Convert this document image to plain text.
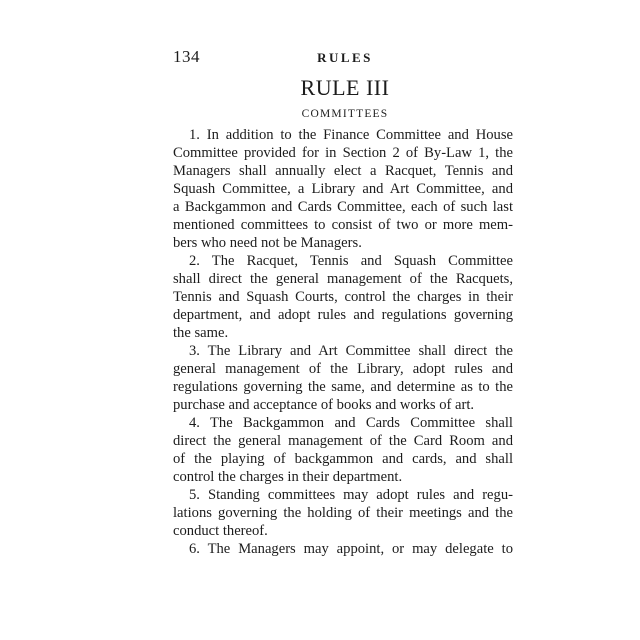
134	RULES
RULE III
COMMITTEES
1. In addition to the Finance Committee and House
Committee provided for in Section 2 of By-Law 1, the
Managers shall annually elect a Racquet, Tennis and
Squash Committee, a Library and Art Committee, and
a Backgammon and Cards Committee, each of such last
mentioned committees to consist of two or more mem-
bers who need not be Managers.
2. The Racquet, Tennis and Squash Committee
shall direct the general management of the Racquets,
Tennis and Squash Courts, control the charges in their
department, and adopt rules and regulations governing
the same.
3. The Library and Art Committee shall direct the
general management of the Library, adopt rules and
regulations governing the same, and determine as to the
purchase and acceptance of books and works of art.
4. The Backgammon and Cards Committee shall
direct the general management of the Card Room and
of the playing of backgammon and cards, and shall
control the charges in their department.
5. Standing committees may adopt rules and regu-
lations governing the holding of their meetings and the
conduct thereof.
6. The Managers may appoint, or may delegate to
